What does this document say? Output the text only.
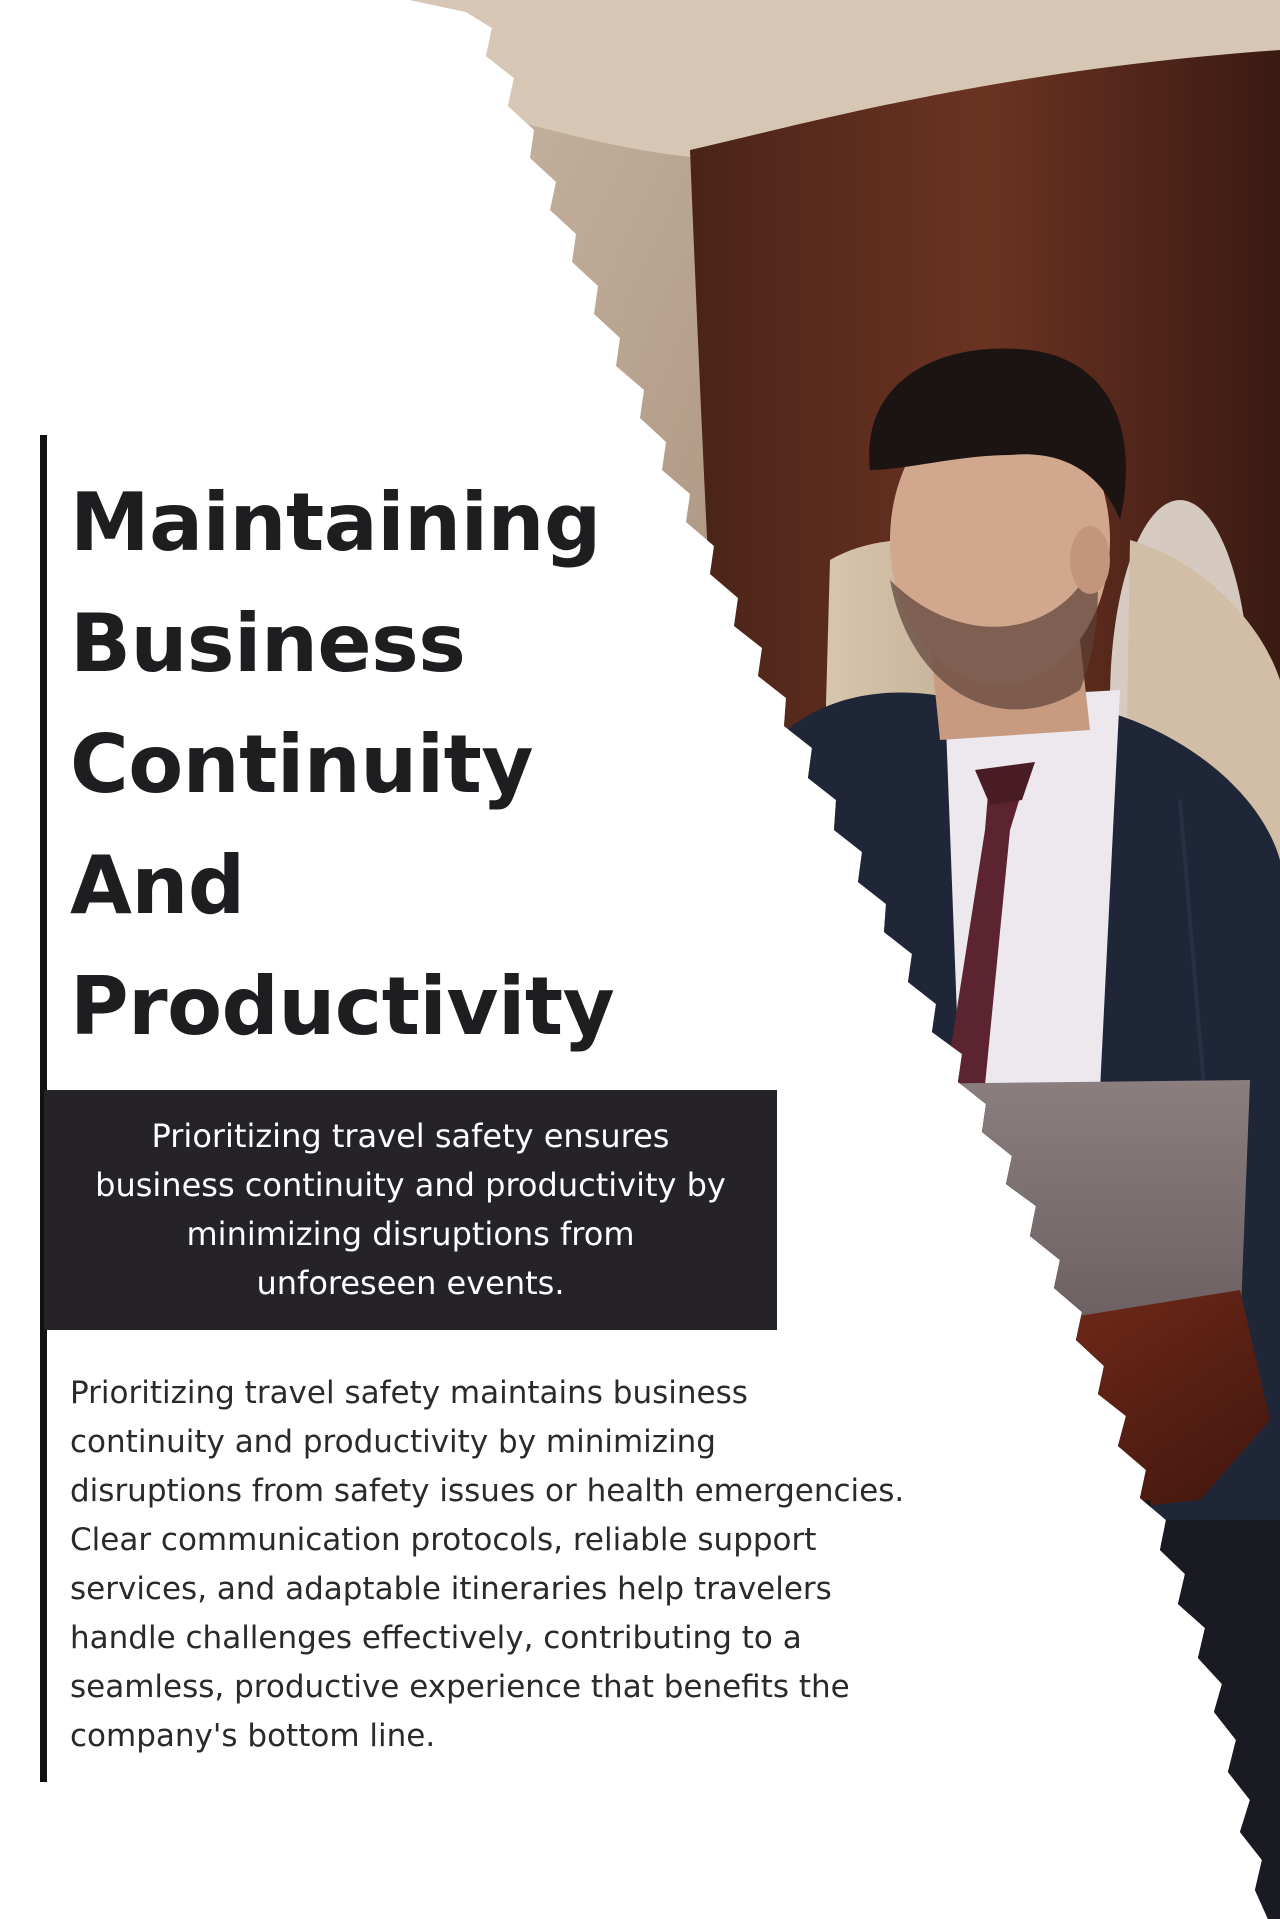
Maintaining
Business
Continuity
And
Productivity

Prioritizing travel safety ensures
business continuity and productivity by
minimizing disruptions from
unforeseen events.

Prioritizing travel safety maintains business
continuity and productivity by minimizing
disruptions from safety issues or health emergencies.
Clear communication protocols, reliable support
services, and adaptable itineraries help travelers
handle challenges effectively, contributing to a
seamless, productive experience that benefits the
company's bottom line.
